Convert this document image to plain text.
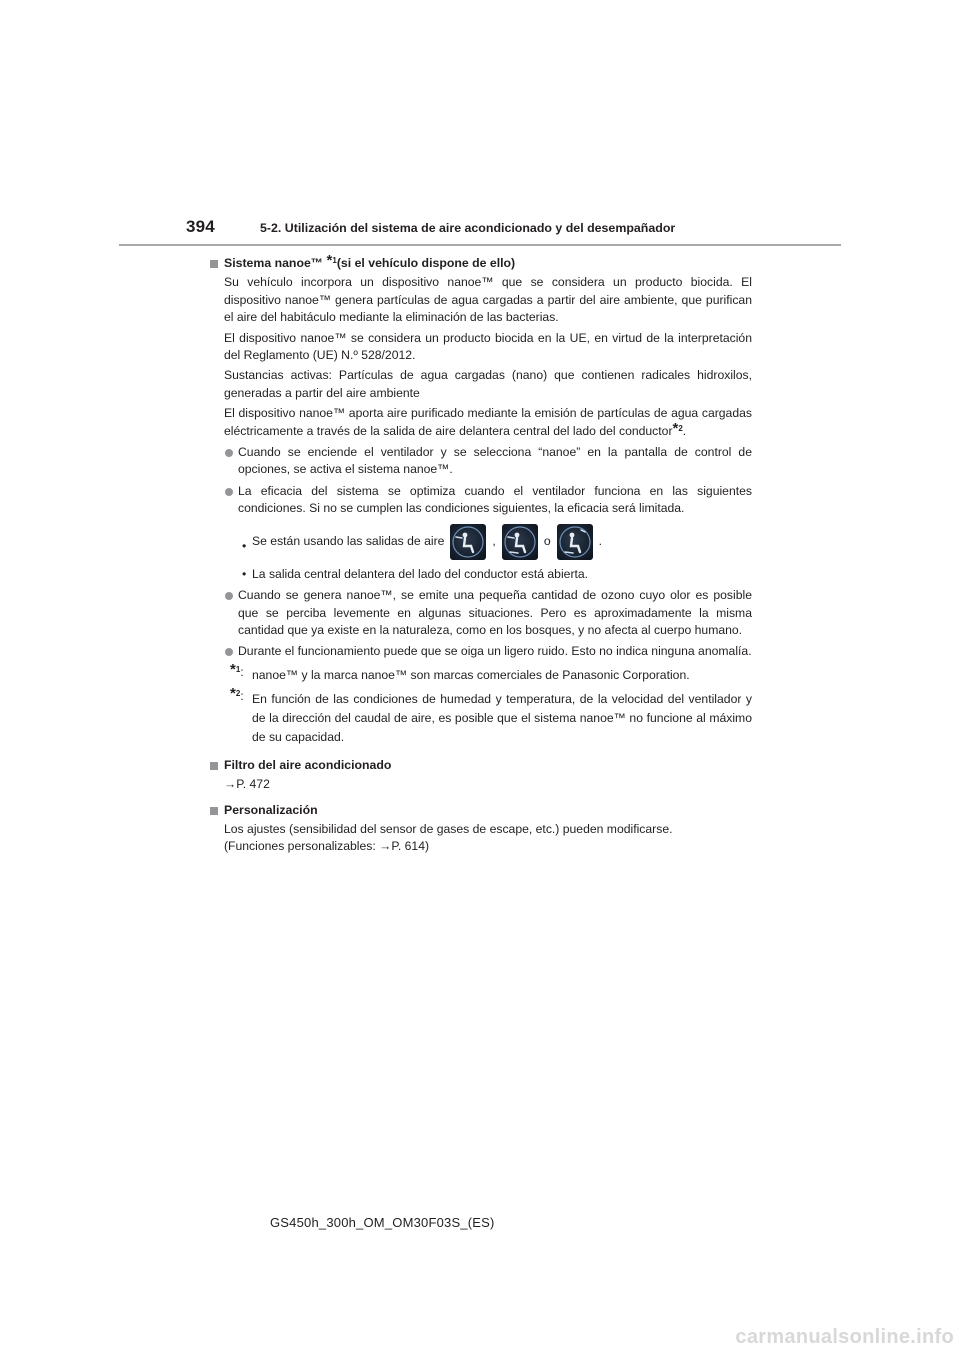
394	5-2. Utilización del sistema de aire acondicionado y del desempañador
Sistema nanoe™ *$^1$(si el vehículo dispone de ello)

Su vehículo incorpora un dispositivo nanoe™ que se considera un producto biocida. El dispositivo nanoe™ genera partículas de agua cargadas a partir del aire ambiente, que purifican el aire del habitáculo mediante la eliminación de las bacterias.

El dispositivo nanoe™ se considera un producto biocida en la UE, en virtud de la interpretación del Reglamento (UE) N.º 528/2012.

Sustancias activas: Partículas de agua cargadas (nano) que contienen radicales hidroxilos, generadas a partir del aire ambiente

El dispositivo nanoe™ aporta aire purificado mediante la emisión de partículas de agua cargadas eléctricamente a través de la salida de aire delantera central del lado del conductor*$^2$.

Cuando se enciende el ventilador y se selecciona “nanoe” en la pantalla de control de opciones, se activa el sistema nanoe™.
La eficacia del sistema se optimiza cuando el ventilador funciona en las siguientes condiciones. Si no se cumplen las condiciones siguientes, la eficacia será limitada.
• Se están usando las salidas de aire	,	o	.
• La salida central delantera del lado del conductor está abierta.
Cuando se genera nanoe™, se emite una pequeña cantidad de ozono cuyo olor es posible que se perciba levemente en algunas situaciones. Pero es aproximadamente la misma cantidad que ya existe en la naturaleza, como en los bosques, y no afecta al cuerpo humano.
Durante el funcionamiento puede que se oiga un ligero ruido. Esto no indica ninguna anomalía.
*$^1$: nanoe™ y la marca nanoe™ son marcas comerciales de Panasonic Corporation.
*$^2$: En función de las condiciones de humedad y temperatura, de la velocidad del ventilador y de la dirección del caudal de aire, es posible que el sistema nanoe™ no funcione al máximo de su capacidad.
Filtro del aire acondicionado

→P. 472

Personalización

Los ajustes (sensibilidad del sensor de gases de escape, etc.) pueden modificarse.

(Funciones personalizables: →P. 614)

GS450h_300h_OM_OM30F03S_(ES)
carmanualsonline.info
